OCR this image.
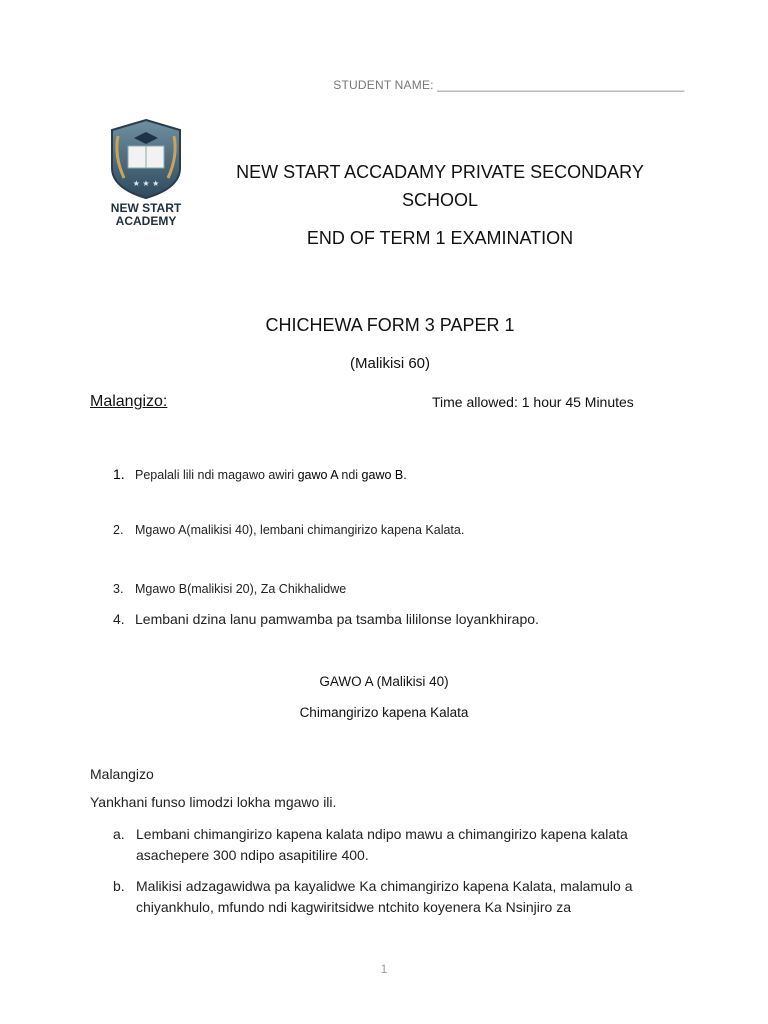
STUDENT NAME: ____________________________________
★ ★ ★
NEW START
ACADEMY
NEW START ACCADAMY PRIVATE SECONDARY
SCHOOL
END OF TERM 1 EXAMINATION
CHICHEWA FORM 3 PAPER 1
(Malikisi 60)
Malangizo:	Time allowed: 1 hour 45 Minutes
1. Pepalali lili ndi magawo awiri gawo A ndi gawo B.
2. Mgawo A(malikisi 40), lembani chimangirizo kapena Kalata.
3. Mgawo B(malikisi 20), Za Chikhalidwe
4. Lembani dzina lanu pamwamba pa tsamba lililonse loyankhirapo.
GAWO A (Malikisi 40)
Chimangirizo kapena Kalata
Malangizo
Yankhani funso limodzi lokha mgawo ili.
a. Lembani chimangirizo kapena kalata ndipo mawu a chimangirizo kapena kalata asachepere 300 ndipo asapitilire 400.
b. Malikisi adzagawidwa pa kayalidwe Ka chimangirizo kapena Kalata, malamulo a chiyankhulo, mfundo ndi kagwiritsidwe ntchito koyenera Ka Nsinjiro za
1
